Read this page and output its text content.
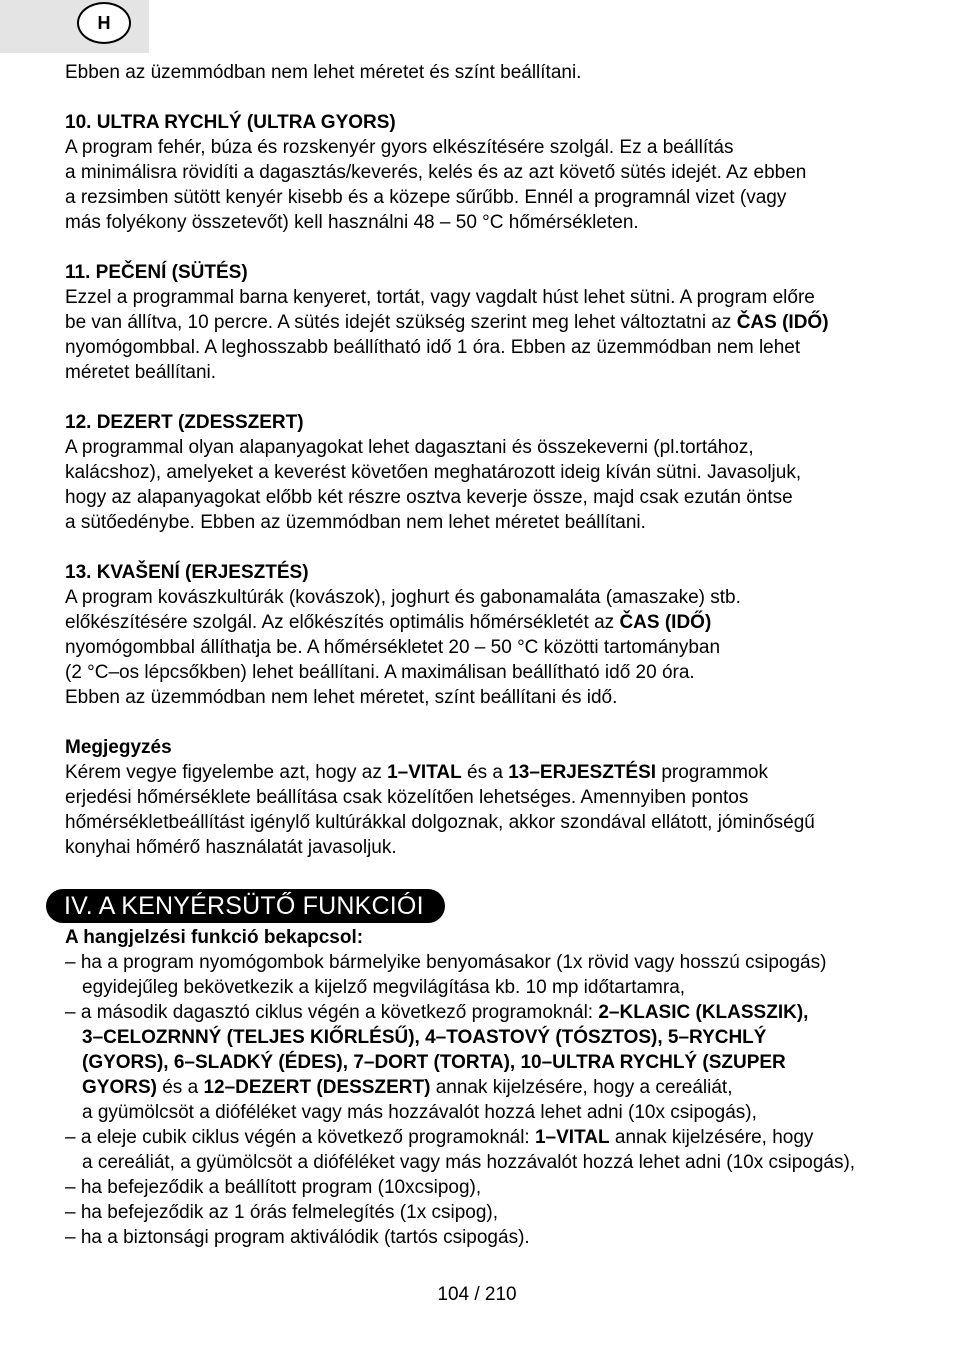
H

Ebben az üzemmódban nem lehet méretet és színt beállítani.

10. ULTRA RYCHLÝ (ULTRA GYORS)

A program fehér, búza és rozskenyér gyors elkészítésére szolgál. Ez a beállítás

a minimálisra rövidíti a dagasztás/keverés, kelés és az azt követő sütés idejét. Az ebben

a rezsimben sütött kenyér kisebb és a közepe sűrűbb. Ennél a programnál vizet (vagy

más folyékony összetevőt) kell használni 48 – 50 °C hőmérsékleten.

11. PEČENÍ (SÜTÉS)

Ezzel a programmal barna kenyeret, tortát, vagy vagdalt húst lehet sütni. A program előre

be van állítva, 10 percre. A sütés idejét szükség szerint meg lehet változtatni az ČAS (IDŐ)

nyomógombbal. A leghosszabb beállítható idő 1 óra. Ebben az üzemmódban nem lehet

méretet beállítani.

12. DEZERT (ZDESSZERT)

A programmal olyan alapanyagokat lehet dagasztani és összekeverni (pl.tortához,

kalácshoz), amelyeket a keverést követően meghatározott ideig kíván sütni. Javasoljuk,

hogy az alapanyagokat előbb két részre osztva keverje össze, majd csak ezután öntse

a sütőedénybe. Ebben az üzemmódban nem lehet méretet beállítani.

13. KVAŠENÍ (ERJESZTÉS)

A program kovászkultúrák (kovászok), joghurt és gabonamaláta (amaszake) stb.

előkészítésére szolgál. Az előkészítés optimális hőmérsékletét az ČAS (IDŐ)

nyomógombbal állíthatja be. A hőmérsékletet 20 – 50 °C közötti tartományban

(2 °C–os lépcsőkben) lehet beállítani. A maximálisan beállítható idő 20 óra.

Ebben az üzemmódban nem lehet méretet, színt beállítani és idő.

Megjegyzés

Kérem vegye figyelembe azt, hogy az 1–VITAL és a 13–ERJESZTÉSI programmok

erjedési hőmérséklete beállítása csak közelítően lehetséges. Amennyiben pontos

hőmérsékletbeállítást igénylő kultúrákkal dolgoznak, akkor szondával ellátott, jóminőségű

konyhai hőmérő használatát javasoljuk.

IV. A KENYÉRSÜTŐ FUNKCIÓI

A hangjelzési funkció bekapcsol:

– ha a program nyomógombok bármelyike benyomásakor (1x rövid vagy hosszú csipogás)

egyidejűleg bekövetkezik a kijelző megvilágítása kb. 10 mp időtartamra,

– a második dagasztó ciklus végén a következő programoknál: 2–KLASIC (KLASSZIK),

3–CELOZRNNÝ (TELJES KIŐRLÉSŰ), 4–TOASTOVÝ (TÓSZTOS), 5–RYCHLÝ

(GYORS), 6–SLADKÝ (ÉDES), 7–DORT (TORTA), 10–ULTRA RYCHLÝ (SZUPER

GYORS) és a 12–DEZERT (DESSZERT) annak kijelzésére, hogy a cereáliát,

a gyümölcsöt a dióféléket vagy más hozzávalót hozzá lehet adni (10x csipogás),

– a eleje cubik ciklus végén a következő programoknál: 1–VITAL annak kijelzésére, hogy

a cereáliát, a gyümölcsöt a dióféléket vagy más hozzávalót hozzá lehet adni (10x csipogás),

– ha befejeződik a beállított program (10xcsipog),

– ha befejeződik az 1 órás felmelegítés (1x csipog),

– ha a biztonsági program aktiválódik (tartós csipogás).

104 / 210
